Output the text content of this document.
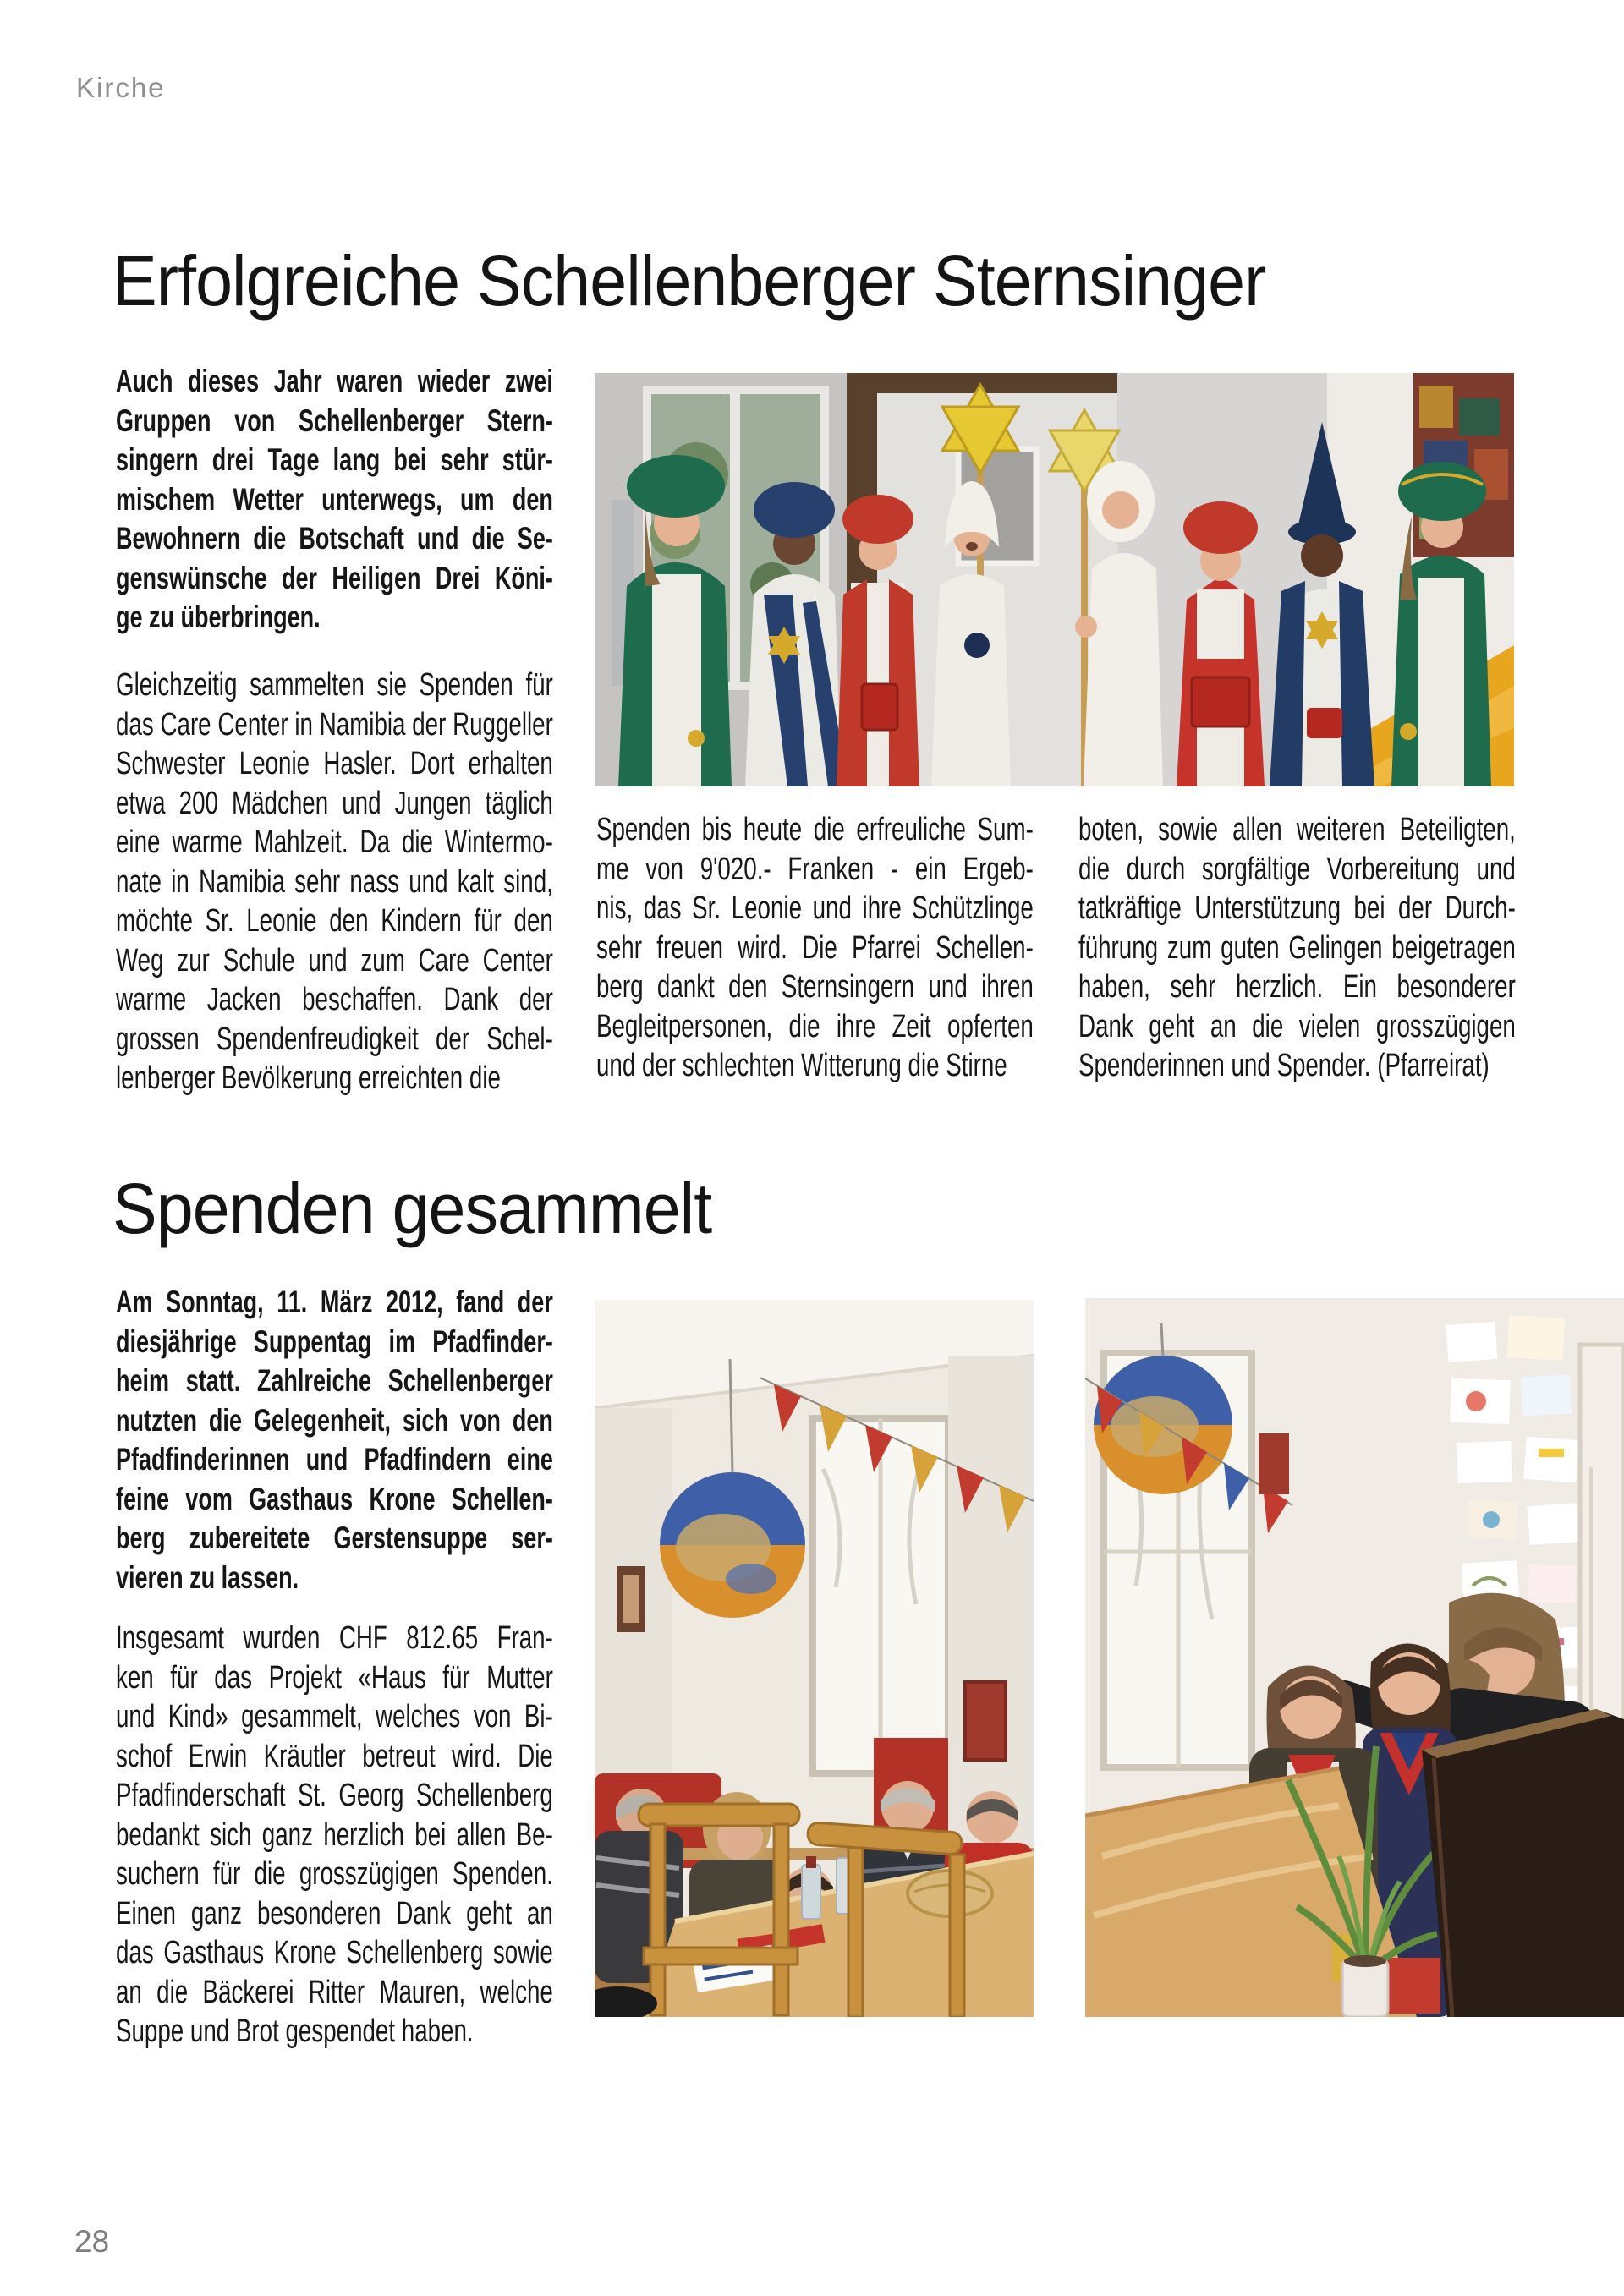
Kirche
Erfolgreiche Schellenberger Sternsinger
Auch dieses Jahr waren wieder zwei
Gruppen von Schellenberger Stern-
singern drei Tage lang bei sehr stür-
mischem Wetter unterwegs, um den
Bewohnern die Botschaft und die Se-
genswünsche der Heiligen Drei Köni-
ge zu überbringen.
Gleichzeitig sammelten sie Spenden für
das Care Center in Namibia der Ruggeller
Schwester Leonie Hasler. Dort erhalten
etwa 200 Mädchen und Jungen täglich
eine warme Mahlzeit. Da die Wintermo-
nate in Namibia sehr nass und kalt sind,
möchte Sr. Leonie den Kindern für den
Weg zur Schule und zum Care Center
warme Jacken beschaffen. Dank der
grossen Spendenfreudigkeit der Schel-
lenberger Bevölkerung erreichten die
Spenden bis heute die erfreuliche Sum-
me von 9'020.- Franken - ein Ergeb-
nis, das Sr. Leonie und ihre Schützlinge
sehr freuen wird. Die Pfarrei Schellen-
berg dankt den Sternsingern und ihren
Begleitpersonen, die ihre Zeit opferten
und der schlechten Witterung die Stirne
boten, sowie allen weiteren Beteiligten,
die durch sorgfältige Vorbereitung und
tatkräftige Unterstützung bei der Durch-
führung zum guten Gelingen beigetragen
haben, sehr herzlich. Ein besonderer
Dank geht an die vielen grosszügigen
Spenderinnen und Spender. (Pfarreirat)
Spenden gesammelt
Am Sonntag, 11. März 2012, fand der
diesjährige Suppentag im Pfadfinder-
heim statt. Zahlreiche Schellenberger
nutzten die Gelegenheit, sich von den
Pfadfinderinnen und Pfadfindern eine
feine vom Gasthaus Krone Schellen-
berg zubereitete Gerstensuppe ser-
vieren zu lassen.
Insgesamt wurden CHF 812.65 Fran-
ken für das Projekt «Haus für Mutter
und Kind» gesammelt, welches von Bi-
schof Erwin Kräutler betreut wird. Die
Pfadfinderschaft St. Georg Schellenberg
bedankt sich ganz herzlich bei allen Be-
suchern für die grosszügigen Spenden.
Einen ganz besonderen Dank geht an
das Gasthaus Krone Schellenberg sowie
an die Bäckerei Ritter Mauren, welche
Suppe und Brot gespendet haben.
28
